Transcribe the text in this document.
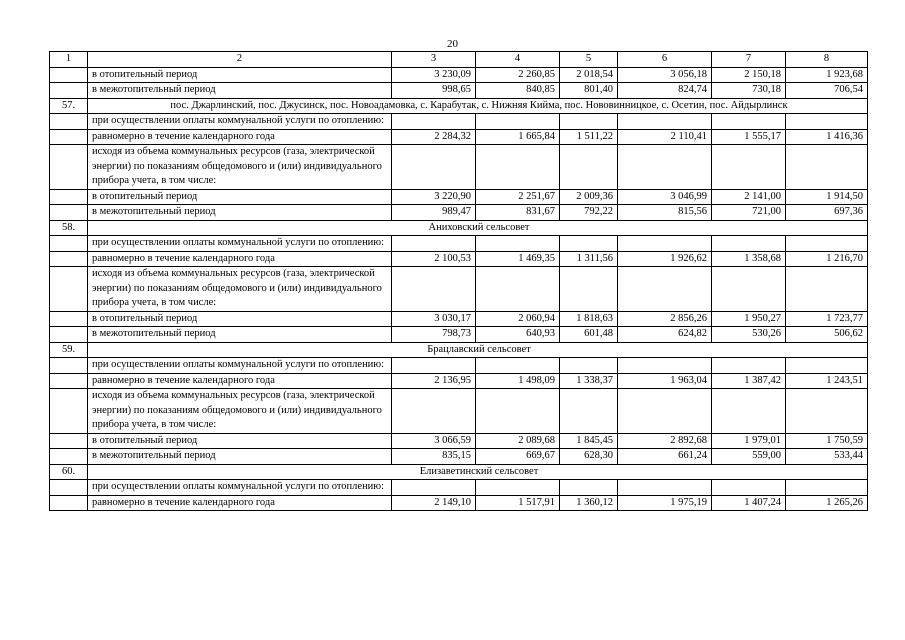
20
1	2	3	4	5	6	7	8
	в отопительный период	3 230,09	2 260,85	2 018,54	3 056,18	2 150,18	1 923,68
	в межотопительный период	998,65	840,85	801,40	824,74	730,18	706,54
57.	пос. Джарлинский, пос. Джусинск, пос. Новоадамовка, с. Карабутак, с. Нижняя Кийма, пос. Нововинницкое, с. Осетин, пос. Айдырлинск						
	при осуществлении оплаты коммунальной услуги по отоплению:						
	равномерно в течение календарного года	2 284,32	1 665,84	1 511,22	2 110,41	1 555,17	1 416,36
	исходя из объема коммунальных ресурсов (газа, электрической энергии) по показаниям общедомового и (или) индивидуального прибора учета, в том числе:						
	в отопительный период	3 220,90	2 251,67	2 009,36	3 046,99	2 141,00	1 914,50
	в межотопительный период	989,47	831,67	792,22	815,56	721,00	697,36
58.	Аниховский сельсовет						
	при осуществлении оплаты коммунальной услуги по отоплению:						
	равномерно в течение календарного года	2 100,53	1 469,35	1 311,56	1 926,62	1 358,68	1 216,70
	исходя из объема коммунальных ресурсов (газа, электрической энергии) по показаниям общедомового и (или) индивидуального прибора учета, в том числе:						
	в отопительный период	3 030,17	2 060,94	1 818,63	2 856,26	1 950,27	1 723,77
	в межотопительный период	798,73	640,93	601,48	624,82	530,26	506,62
59.	Брацлавский сельсовет						
	при осуществлении оплаты коммунальной услуги по отоплению:						
	равномерно в течение календарного года	2 136,95	1 498,09	1 338,37	1 963,04	1 387,42	1 243,51
	исходя из объема коммунальных ресурсов (газа, электрической энергии) по показаниям общедомового и (или) индивидуального прибора учета, в том числе:						
	в отопительный период	3 066,59	2 089,68	1 845,45	2 892,68	1 979,01	1 750,59
	в межотопительный период	835,15	669,67	628,30	661,24	559,00	533,44
60.	Елизаветинский сельсовет						
	при осуществлении оплаты коммунальной услуги по отоплению:						
	равномерно в течение календарного года	2 149,10	1 517,91	1 360,12	1 975,19	1 407,24	1 265,26
